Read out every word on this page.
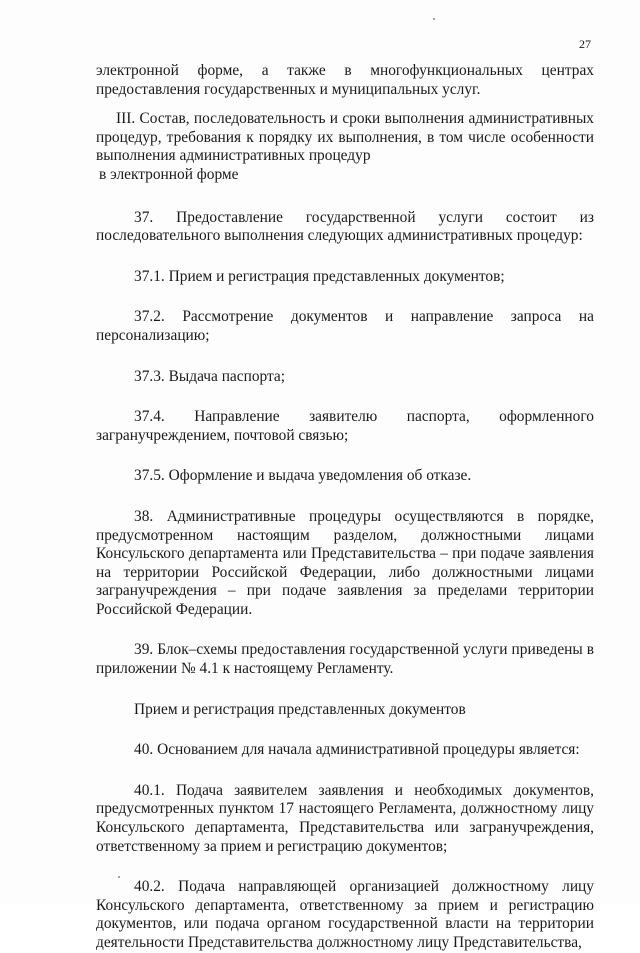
27

электронной форме, а также в многофункциональных центрах предоставления государственных и муниципальных услуг.

III. Состав, последовательность и сроки выполнения административных процедур, требования к порядку их выполнения, в том числе особенности выполнения административных процедур

в электронной форме

37. Предоставление государственной услуги состоит из последовательного выполнения следующих административных процедур:

37.1. Прием и регистрация представленных документов;

37.2. Рассмотрение документов и направление запроса на персонализацию;

37.3. Выдача паспорта;

37.4. Направление заявителю паспорта, оформленного загранучреждением, почтовой связью;

37.5. Оформление и выдача уведомления об отказе.

38. Административные процедуры осуществляются в порядке, предусмотренном настоящим разделом, должностными лицами Консульского департамента или Представительства – при подаче заявления на территории Российской Федерации, либо должностными лицами загранучреждения – при подаче заявления за пределами территории Российской Федерации.

39. Блок–схемы предоставления государственной услуги приведены в приложении № 4.1 к настоящему Регламенту.

Прием и регистрация представленных документов

40. Основанием для начала административной процедуры является:

40.1. Подача заявителем заявления и необходимых документов, предусмотренных пунктом 17 настоящего Регламента, должностному лицу Консульского департамента, Представительства или загранучреждения, ответственному за прием и регистрацию документов;

40.2. Подача направляющей организацией должностному лицу Консульского департамента, ответственному за прием и регистрацию документов, или подача органом государственной власти на территории деятельности Представительства должностному лицу Представительства,
